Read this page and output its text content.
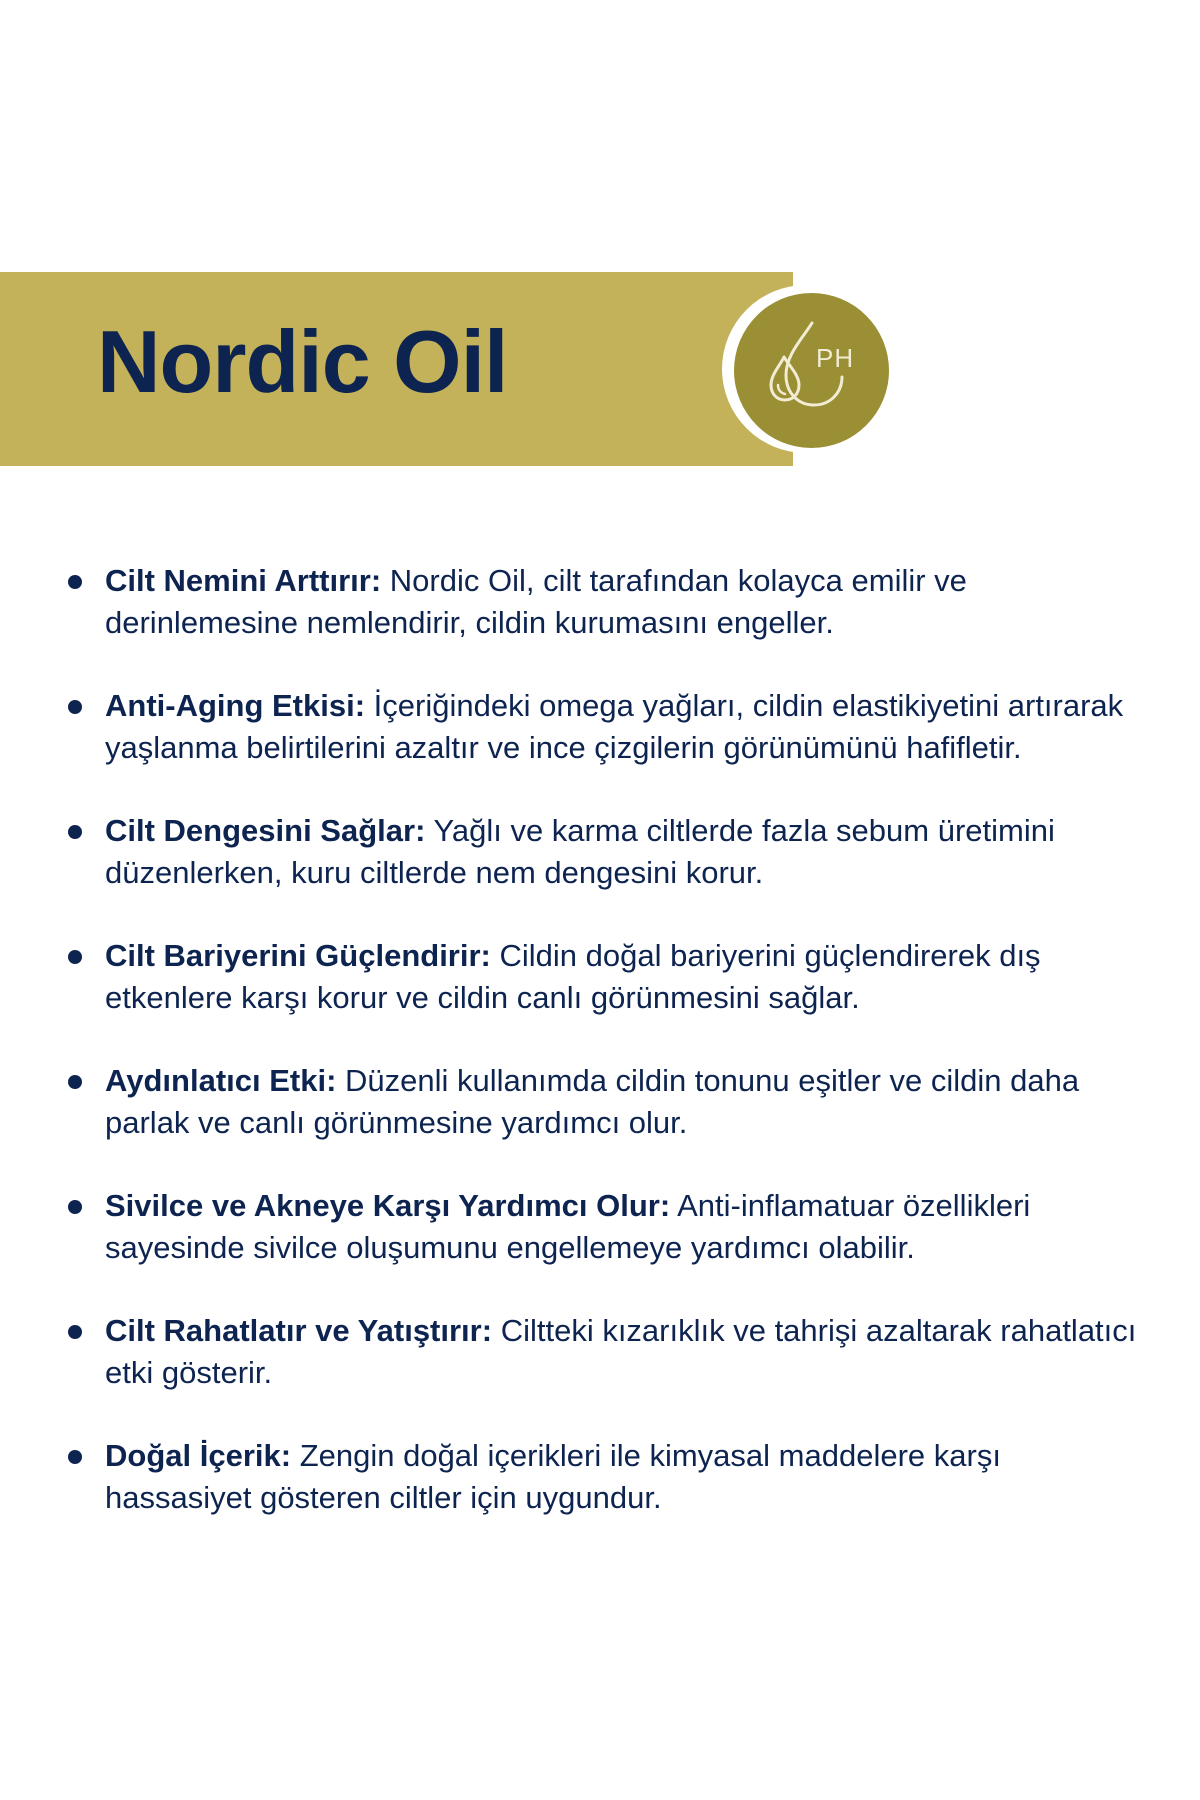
Nordic Oil	PH
Cilt Nemini Arttırır: Nordic Oil, cilt tarafından kolayca emilir ve derinlemesine nemlendirir, cildin kurumasını engeller.
Anti-Aging Etkisi: İçeriğindeki omega yağları, cildin elastikiyetini artırarak yaşlanma belirtilerini azaltır ve ince çizgilerin görünümünü hafifletir.
Cilt Dengesini Sağlar: Yağlı ve karma ciltlerde fazla sebum üretimini düzenlerken, kuru ciltlerde nem dengesini korur.
Cilt Bariyerini Güçlendirir: Cildin doğal bariyerini güçlendirerek dış etkenlere karşı korur ve cildin canlı görünmesini sağlar.
Aydınlatıcı Etki: Düzenli kullanımda cildin tonunu eşitler ve cildin daha parlak ve canlı görünmesine yardımcı olur.
Sivilce ve Akneye Karşı Yardımcı Olur: Anti-inflamatuar özellikleri sayesinde sivilce oluşumunu engellemeye yardımcı olabilir.
Cilt Rahatlatır ve Yatıştırır: Ciltteki kızarıklık ve tahrişi azaltarak rahatlatıcı etki gösterir.
Doğal İçerik: Zengin doğal içerikleri ile kimyasal maddelere karşı hassasiyet gösteren ciltler için uygundur.
